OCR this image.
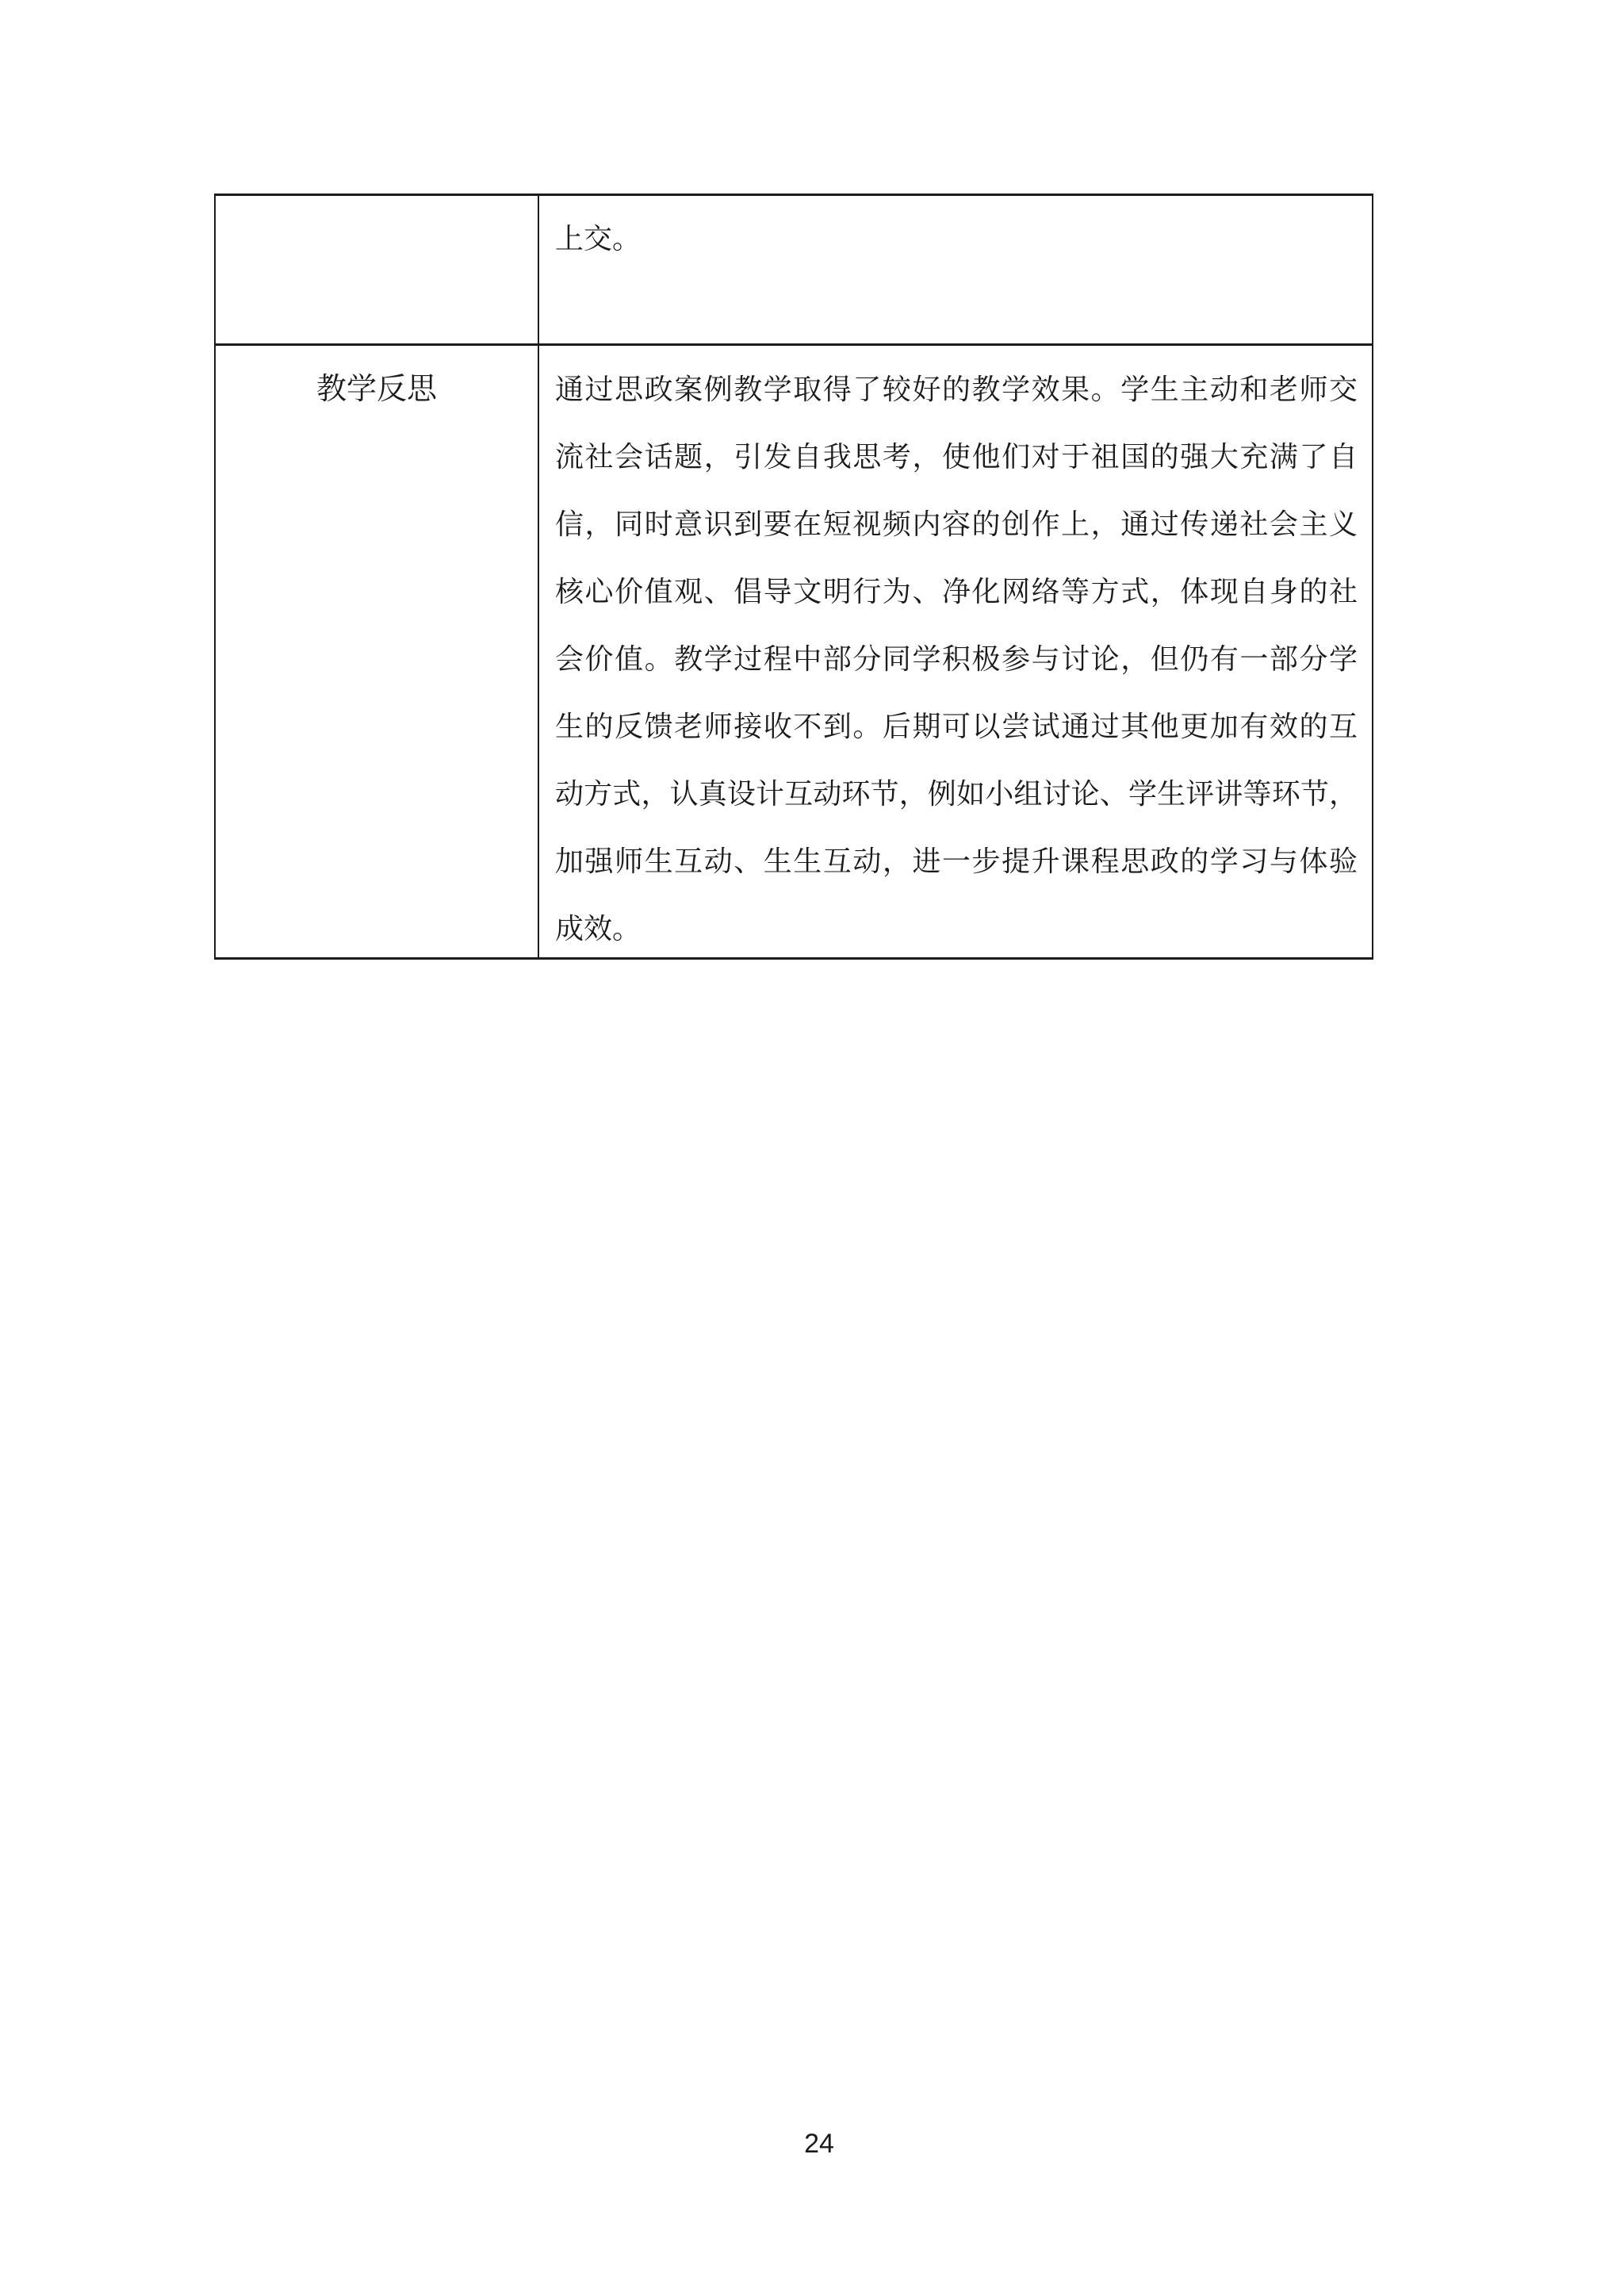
上交。
教学反思	通过思政案例教学取得了较好的教学效果。学生主动和老师交
流社会话题，引发自我思考，使他们对于祖国的强大充满了自
信，同时意识到要在短视频内容的创作上，通过传递社会主义
核心价值观、倡导文明行为、净化网络等方式，体现自身的社
会价值。教学过程中部分同学积极参与讨论，但仍有一部分学
生的反馈老师接收不到。后期可以尝试通过其他更加有效的互
动方式，认真设计互动环节，例如小组讨论、学生评讲等环节，
加强师生互动、生生互动，进一步提升课程思政的学习与体验
成效。
24
